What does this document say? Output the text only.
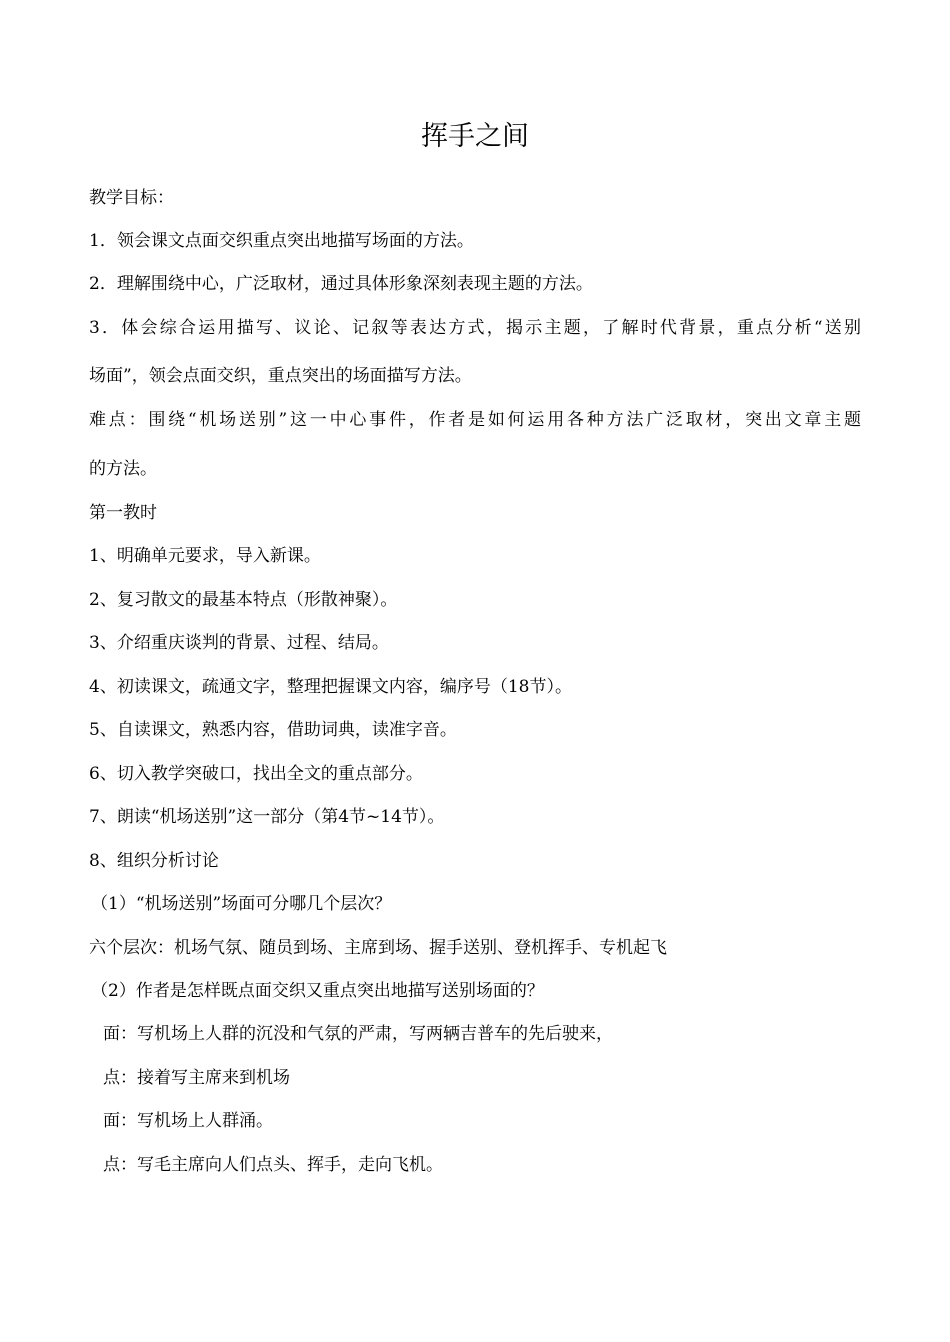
挥手之间
教学目标：
1．领会课文点面交织重点突出地描写场面的方法。
2．理解围绕中心，广泛取材，通过具体形象深刻表现主题的方法。
3．体会综合运用描写、议论、记叙等表达方式，揭示主题，了解时代背景，重点分析“送别
场面”，领会点面交织，重点突出的场面描写方法。
难点：围绕“机场送别”这一中心事件，作者是如何运用各种方法广泛取材，突出文章主题
的方法。
第一教时
1、明确单元要求，导入新课。
2、复习散文的最基本特点（形散神聚）。
3、介绍重庆谈判的背景、过程、结局。
4、初读课文，疏通文字，整理把握课文内容，编序号（18节）。
5、自读课文，熟悉内容，借助词典，读准字音。
6、切入教学突破口，找出全文的重点部分。
7、朗读“机场送别”这一部分（第4节~14节）。
8、组织分析讨论
（1）“机场送别”场面可分哪几个层次？
六个层次：机场气氛、随员到场、主席到场、握手送别、登机挥手、专机起飞
（2）作者是怎样既点面交织又重点突出地描写送别场面的？
面：写机场上人群的沉没和气氛的严肃，写两辆吉普车的先后驶来，
点：接着写主席来到机场
面：写机场上人群涌。
点：写毛主席向人们点头、挥手，走向飞机。
